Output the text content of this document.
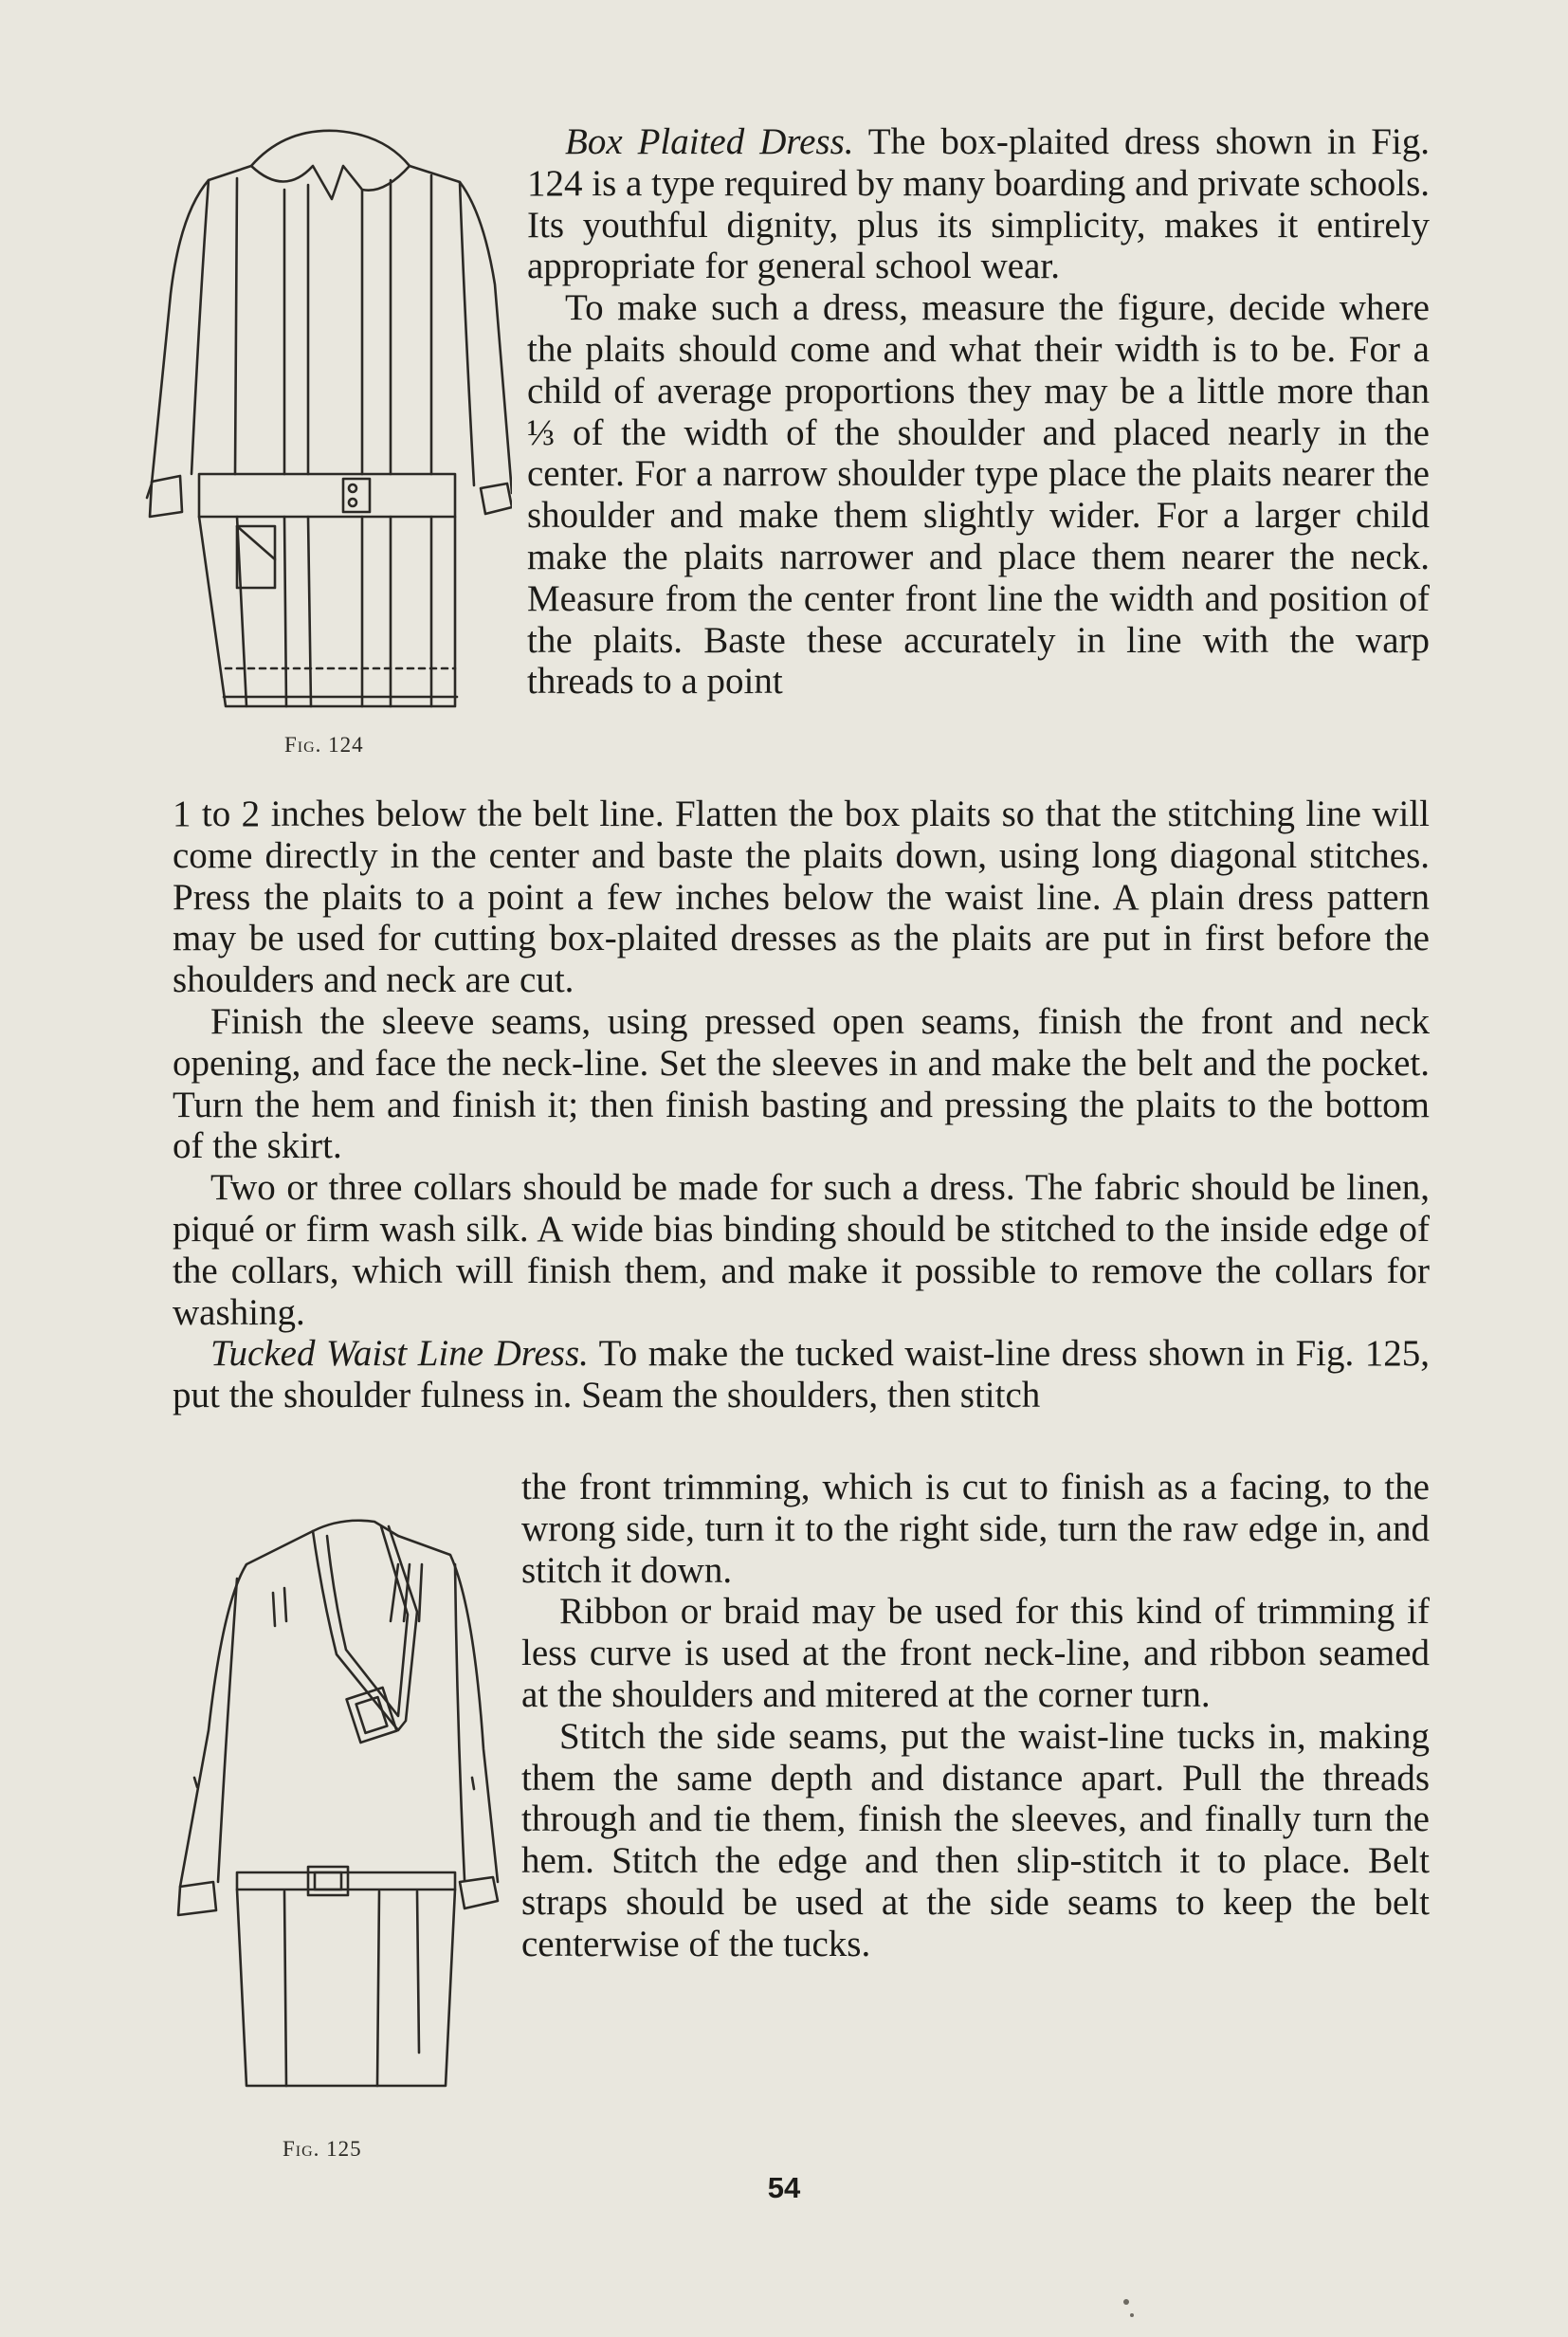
Fig. 124

Box Plaited Dress. The box-plaited dress shown in Fig. 124 is a type required by many boarding and private schools. Its youthful dignity, plus its simplicity, makes it entirely appropriate for general school wear.

To make such a dress, measure the figure, decide where the plaits should come and what their width is to be. For a child of average proportions they may be a little more than ⅓ of the width of the shoulder and placed nearly in the center. For a narrow shoulder type place the plaits nearer the shoulder and make them slightly wider. For a larger child make the plaits narrower and place them nearer the neck. Measure from the center front line the width and position of the plaits. Baste these accurately in line with the warp threads to a point

1 to 2 inches below the belt line. Flatten the box plaits so that the stitching line will come directly in the center and baste the plaits down, using long diagonal stitches. Press the plaits to a point a few inches below the waist line. A plain dress pattern may be used for cutting box-plaited dresses as the plaits are put in first before the shoulders and neck are cut.

Finish the sleeve seams, using pressed open seams, finish the front and neck opening, and face the neck-line. Set the sleeves in and make the belt and the pocket. Turn the hem and finish it; then finish basting and pressing the plaits to the bottom of the skirt.

Two or three collars should be made for such a dress. The fabric should be linen, piqué or firm wash silk. A wide bias binding should be stitched to the inside edge of the collars, which will finish them, and make it possible to remove the collars for washing.

Tucked Waist Line Dress. To make the tucked waist-line dress shown in Fig. 125, put the shoulder fulness in. Seam the shoulders, then stitch

Fig. 125

the front trimming, which is cut to finish as a facing, to the wrong side, turn it to the right side, turn the raw edge in, and stitch it down.

Ribbon or braid may be used for this kind of trimming if less curve is used at the front neck-line, and ribbon seamed at the shoulders and mitered at the corner turn.

Stitch the side seams, put the waist-line tucks in, making them the same depth and distance apart. Pull the threads through and tie them, finish the sleeves, and finally turn the hem. Stitch the edge and then slip-stitch it to place. Belt straps should be used at the side seams to keep the belt centerwise of the tucks.

54
